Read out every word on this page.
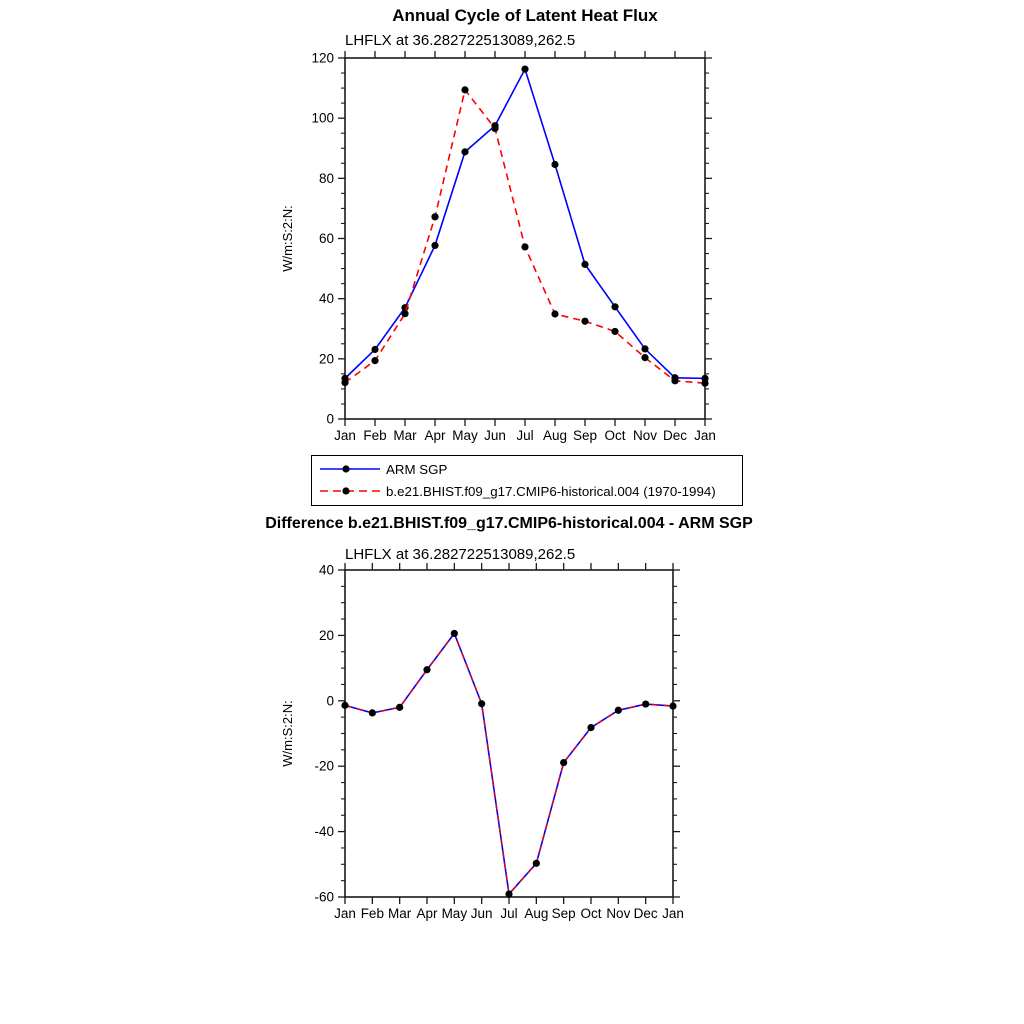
Annual Cycle of Latent Heat Flux
LHFLX at 36.282722513089,262.5
Jan Feb Mar Apr May Jun Jul Aug Sep Oct Nov Dec Jan
0
20
40
60
80
100
120
W/m:S:2:N:
ARM SGP
b.e21.BHIST.f09_g17.CMIP6-historical.004 (1970-1994)
Difference b.e21.BHIST.f09_g17.CMIP6-historical.004 - ARM SGP
LHFLX at 36.282722513089,262.5
Jan Feb Mar Apr May Jun Jul Aug Sep Oct Nov Dec Jan
-60
-40
-20
0
20
40
W/m:S:2:N:
